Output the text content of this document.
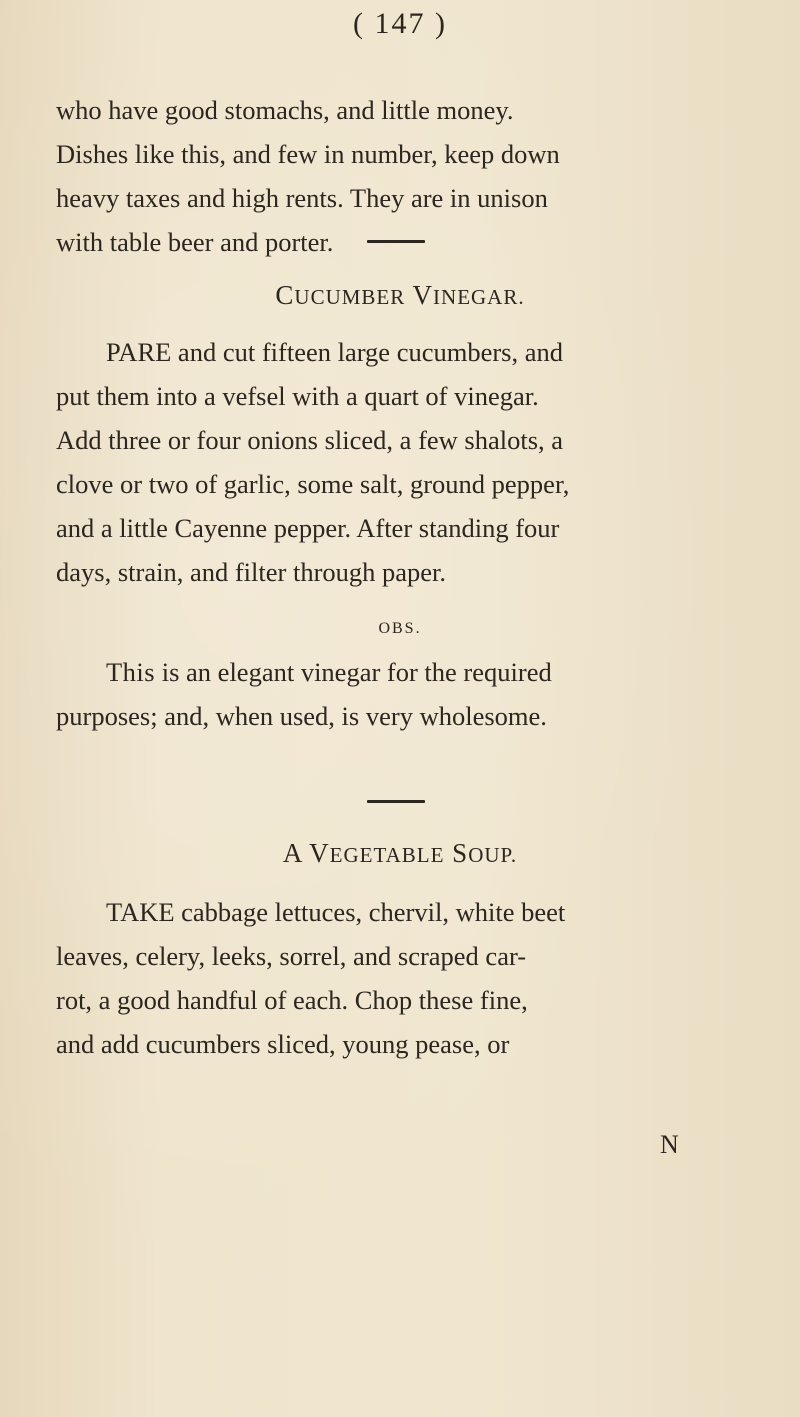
( 147 )

who have good stomachs, and little money.

Dishes like this, and few in number, keep down

heavy taxes and high rents. They are in unison

with table beer and porter.

CUCUMBER VINEGAR.

PARE and cut fifteen large cucumbers, and

put them into a vefsel with a quart of vinegar.

Add three or four onions sliced, a few shalots, a

clove or two of garlic, some salt, ground pepper,

and a little Cayenne pepper. After standing four

days, strain, and filter through paper.

OBS.

This is an elegant vinegar for the required

purposes; and, when used, is very wholesome.

A VEGETABLE SOUP.

TAKE cabbage lettuces, chervil, white beet

leaves, celery, leeks, sorrel, and scraped car-

rot, a good handful of each. Chop these fine,

and add cucumbers sliced, young pease, or

N
